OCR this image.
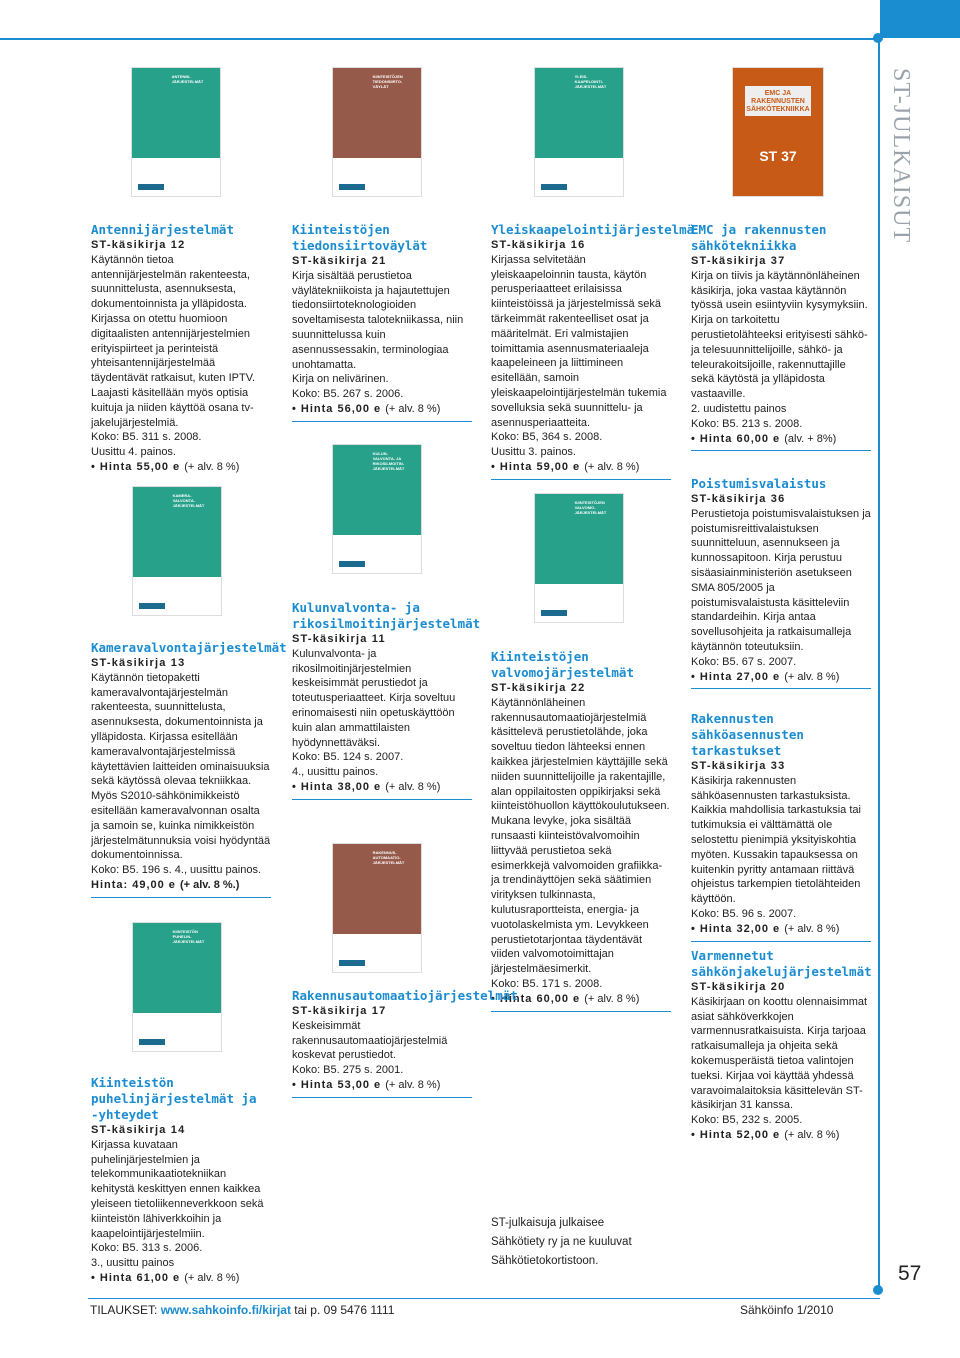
ST-JULKAISUT
57
ANTENNI-
JÄRJESTELMÄT
KIINTEISTÖJEN
TIEDONSIIRTO-
VÄYLÄT
YLEIS-
KAAPELOINTI-
JÄRJESTELMÄT
EMC JA RAKENNUSTEN SÄHKÖTEKNIIKKA
ST 37
KAMERA-
VALVONTA-
JÄRJESTELMÄT
KULUN-
VALVONTA- JA
RIKOSILMOITIN-
JÄRJESTELMÄT
KIINTEISTÖJEN
VALVOMO-
JÄRJESTELMÄT
KIINTEISTÖN
PUHELIN-
JÄRJESTELMÄT
RAKENNUS-
AUTOMAATIO-
JÄRJESTELMÄT
Antennijärjestelmät

ST-käsikirja 12

Käytännön tietoa antennijärjestelmän rakenteesta, suunnittelusta, asennuksesta, dokumentoinnista ja ylläpidosta. Kirjassa on otettu huomioon digitaalisten antennijärjestelmien erityispiirteet ja perinteistä yhteisantennijärjestelmää täydentävät ratkaisut, kuten IPTV. Laajasti käsitellään myös optisia kuituja ja niiden käyttöä osana tv-jakelujärjestelmiä.

Koko: B5. 311 s. 2008.

Uusittu 4. painos.

• Hinta 55,00 e (+ alv. 8 %)

Kiinteistöjen tiedonsiirtoväylät

ST-käsikirja 21

Kirja sisältää perustietoa väylätekniikoista ja hajautettujen tiedonsiirtoteknologioiden soveltamisesta talotekniikassa, niin suunnittelussa kuin asennussessakin, terminologiaa unohtamatta.

Kirja on nelivärinen.

Koko: B5. 267 s. 2006.

• Hinta 56,00 e (+ alv. 8 %)

Yleiskaapelointijärjestelmä

ST-käsikirja 16

Kirjassa selvitetään yleiskaapeloinnin tausta, käytön perusperiaatteet erilaisissa kiinteistöissä ja järjestelmissä sekä tärkeimmät rakenteelliset osat ja määritelmät. Eri valmistajien toimittamia asennusmateriaaleja kaapeleineen ja liittimineen esitellään, samoin yleiskaapelointijärjestelmän tukemia sovelluksia sekä suunnittelu- ja asennusperiaatteita.

Koko: B5, 364 s. 2008.

Uusittu 3. painos.

• Hinta 59,00 e (+ alv. 8 %)

EMC ja rakennusten sähkötekniikka

ST-käsikirja 37

Kirja on tiivis ja käytännönläheinen käsikirja, joka vastaa käytännön työssä usein esiintyviin kysymyksiin. Kirja on tarkoitettu perustietolähteeksi erityisesti sähkö-ja telesuunnittelijoille, sähkö- ja teleurakoitsijoille, rakennuttajille sekä käytöstä ja ylläpidosta vastaaville.

2. uudistettu painos

Koko: B5. 213 s. 2008.

• Hinta 60,00 e (alv. + 8%)

Poistumisvalaistus

ST-käsikirja 36

Perustietoja poistumisvalaistuksen ja poistumisreittivalaistuksen suunnitteluun, asennukseen ja kunnossapitoon. Kirja perustuu sisäasiainministeriön asetukseen SMA 805/2005 ja poistumisvalaistusta käsitteleviin standardeihin. Kirja antaa sovellusohjeita ja ratkaisumalleja käytännön toteutuksiin.

Koko: B5. 67 s. 2007.

• Hinta 27,00 e (+ alv. 8 %)

Rakennusten sähköasennusten tarkastukset

ST-käsikirja 33

Käsikirja rakennusten sähköasennusten tarkastuksista. Kaikkia mahdollisia tarkastuksia tai tutkimuksia ei välttämättä ole selostettu pienimpiä yksityiskohtia myöten. Kussakin tapauksessa on kuitenkin pyritty antamaan riittävä ohjeistus tarkempien tietolähteiden käyttöön.

Koko: B5. 96 s. 2007.

• Hinta 32,00 e (+ alv. 8 %)

Varmennetut sähkönjakelujärjestelmät

ST-käsikirja 20

Käsikirjaan on koottu olennaisimmat asiat sähköverkkojen varmennusratkaisuista. Kirja tarjoaa ratkaisumalleja ja ohjeita sekä kokemusperäistä tietoa valintojen tueksi. Kirjaa voi käyttää yhdessä varavoimalaitoksia käsittelevän ST-käsikirjan 31 kanssa.

Koko: B5, 232 s. 2005.

• Hinta 52,00 e (+ alv. 8 %)

Kameravalvontajärjestelmät

ST-käsikirja 13

Käytännön tietopaketti kameravalvontajärjestelmän rakenteesta, suunnittelusta, asennuksesta, dokumentoinnista ja ylläpidosta. Kirjassa esitellään kameravalvontajärjestelmissä käytettävien laitteiden ominaisuuksia sekä käytössä olevaa tekniikkaa. Myös S2010-sähkönimikkeistö esitellään kameravalvonnan osalta ja samoin se, kuinka nimikkeistön järjestelmätunnuksia voisi hyödyntää dokumentoinnissa.

Koko: B5. 196 s. 4., uusittu painos.

Hinta: 49,00 e (+ alv. 8 %.)

Kulunvalvonta- ja rikosilmoitinjärjestelmät

ST-käsikirja 11

Kulunvalvonta- ja rikosilmoitinjärjestelmien keskeisimmät perustiedot ja toteutusperiaatteet. Kirja soveltuu erinomaisesti niin opetuskäyttöön kuin alan ammattilaisten hyödynnettäväksi.

Koko: B5. 124 s. 2007.

4., uusittu painos.

• Hinta 38,00 e (+ alv. 8 %)

Kiinteistöjen valvomojärjestelmät

ST-käsikirja 22

Käytännönläheinen rakennusautomaatiojärjestelmiä käsittelevä perustietolähde, joka soveltuu tiedon lähteeksi ennen kaikkea järjestelmien käyttäjille sekä niiden suunnittelijoille ja rakentajille, alan oppilaitosten oppikirjaksi sekä kiinteistöhuollon käyttökoulutukseen. Mukana levyke, joka sisältää runsaasti kiinteistövalvomoihin liittyvää perustietoa sekä esimerkkejä valvomoiden grafiikka- ja trendinäyttöjen sekä säätimien virityksen tulkinnasta, kulutusraportteista, energia- ja vuotolaskelmista ym. Levykkeen perustietotarjontaa täydentävät viiden valvomotoimittajan järjestelmäesimerkit.

Koko: B5. 171 s. 2008.

• Hinta 60,00 e (+ alv. 8 %)

Kiinteistön puhelinjärjestelmät ja -yhteydet

ST-käsikirja 14

Kirjassa kuvataan puhelinjärjestelmien ja telekommunikaatiotekniikan kehitystä keskittyen ennen kaikkea yleiseen tietoliikenneverkkoon sekä kiinteistön lähiverkkoihin ja kaapelointijärjestelmiin.

Koko: B5. 313 s. 2006.

3., uusittu painos

• Hinta 61,00 e (+ alv. 8 %)

Rakennusautomaatiojärjestelmät

ST-käsikirja 17

Keskeisimmät rakennusautomaatiojärjestelmiä koskevat perustiedot.

Koko: B5. 275 s. 2001.

• Hinta 53,00 e (+ alv. 8 %)

ST-julkaisuja julkaisee
Sähkötiety ry ja ne kuuluvat
Sähkötietokortistoon.
TILAUKSET: www.sahkoinfo.fi/kirjat tai p. 09 5476 1111	Sähköinfo 1/2010
